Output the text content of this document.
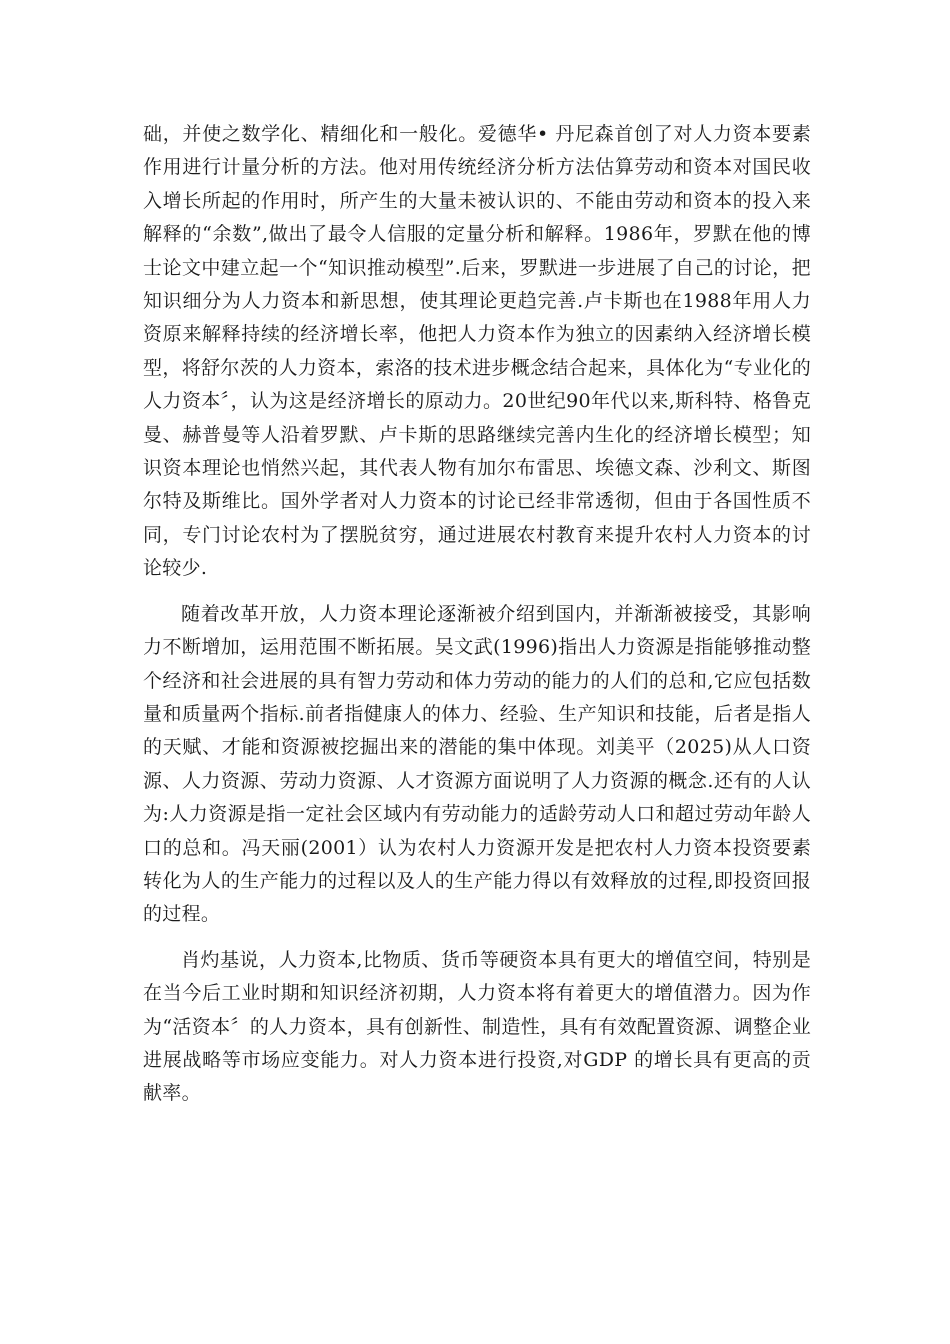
础，并使之数学化、精细化和一般化。爱德华• 丹尼森首创了对人力资本要素作用进行计量分析的方法。他对用传统经济分析方法估算劳动和资本对国民收入增长所起的作用时，所产生的大量未被认识的、不能由劳动和资本的投入来解释的“余数”,做出了最令人信服的定量分析和解释。1986年，罗默在他的博士论文中建立起一个“知识推动模型”.后来，罗默进一步进展了自己的讨论，把知识细分为人力资本和新思想，使其理论更趋完善.卢卡斯也在1988年用人力资原来解释持续的经济增长率，他把人力资本作为独立的因素纳入经济增长模型，将舒尔茨的人力资本，索洛的技术进步概念结合起来，具体化为“专业化的人力资本〞，认为这是经济增长的原动力。20世纪90年代以来,斯科特、格鲁克曼、赫普曼等人沿着罗默、卢卡斯的思路继续完善内生化的经济增长模型；知识资本理论也悄然兴起，其代表人物有加尔布雷思、埃德文森、沙利文、斯图尔特及斯维比。国外学者对人力资本的讨论已经非常透彻，但由于各国性质不同，专门讨论农村为了摆脱贫穷，通过进展农村教育来提升农村人力资本的讨论较少.

随着改革开放，人力资本理论逐渐被介绍到国内，并渐渐被接受，其影响力不断增加，运用范围不断拓展。吴文武(1996)指出人力资源是指能够推动整个经济和社会进展的具有智力劳动和体力劳动的能力的人们的总和,它应包括数量和质量两个指标.前者指健康人的体力、经验、生产知识和技能，后者是指人的天赋、才能和资源被挖掘出来的潜能的集中体现。刘美平（2025)从人口资源、人力资源、劳动力资源、人才资源方面说明了人力资源的概念.还有的人认为:人力资源是指一定社会区域内有劳动能力的适龄劳动人口和超过劳动年龄人口的总和。冯天丽(2001）认为农村人力资源开发是把农村人力资本投资要素转化为人的生产能力的过程以及人的生产能力得以有效释放的过程,即投资回报的过程。

肖灼基说，人力资本,比物质、货币等硬资本具有更大的增值空间，特别是在当今后工业时期和知识经济初期，人力资本将有着更大的增值潜力。因为作为“活资本〞的人力资本，具有创新性、制造性，具有有效配置资源、调整企业进展战略等市场应变能力。对人力资本进行投资,对GDP 的增长具有更高的贡献率。
